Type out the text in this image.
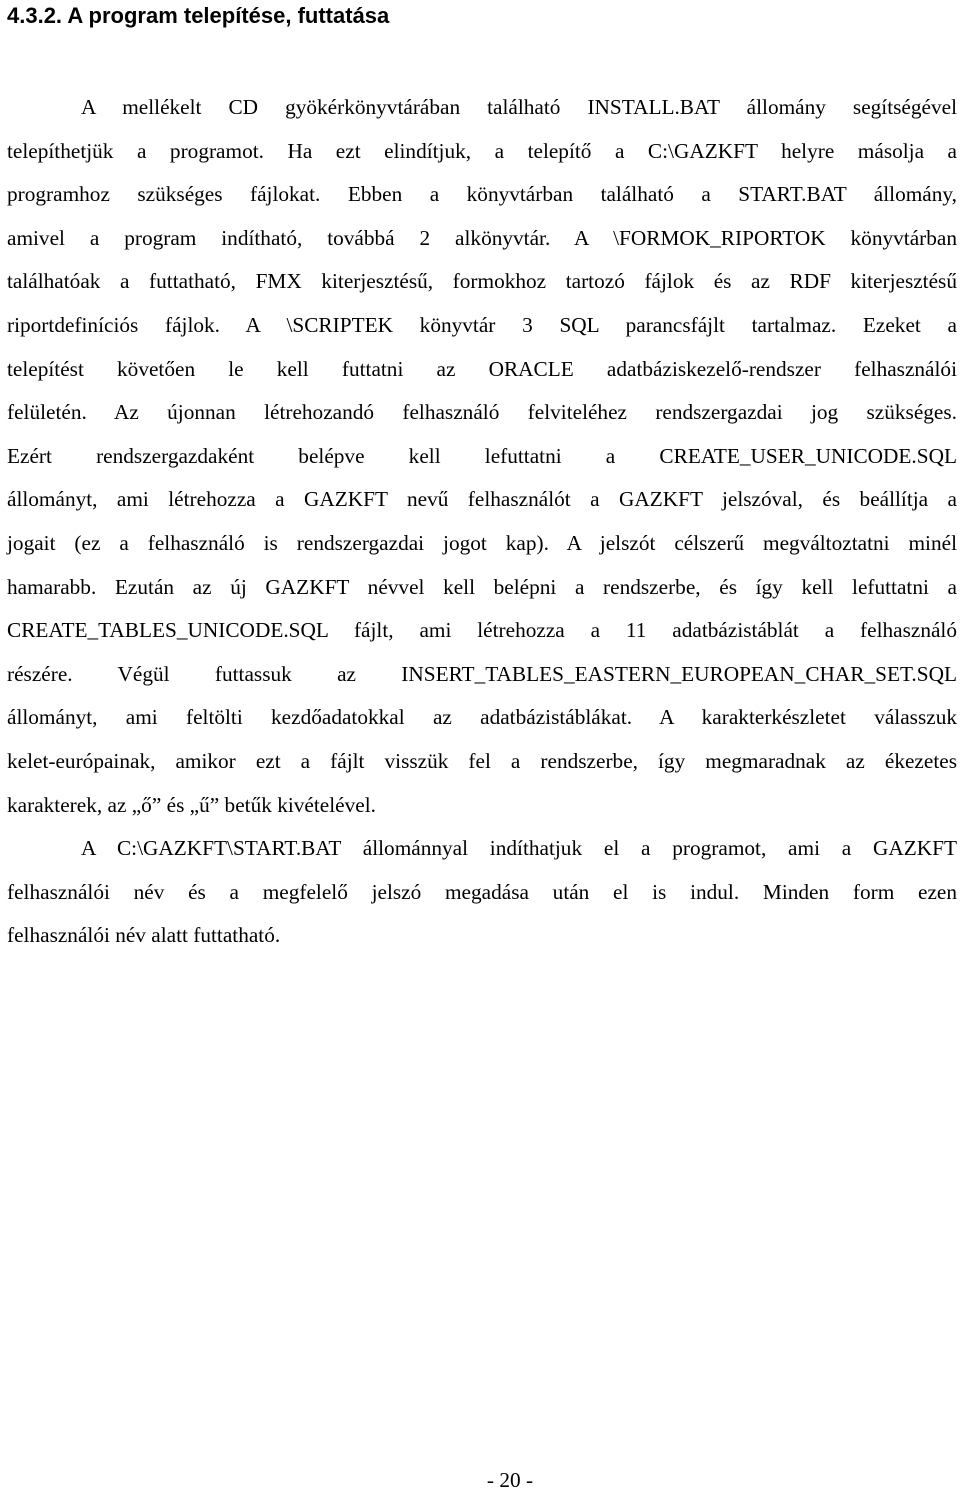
4.3.2. A program telepítése, futtatása
A mellékelt CD gyökérkönyvtárában található INSTALL.BAT állomány segítségével
telepíthetjük a programot. Ha ezt elindítjuk, a telepítő a C:\GAZKFT helyre másolja a
programhoz szükséges fájlokat. Ebben a könyvtárban található a START.BAT állomány,
amivel a program indítható, továbbá 2 alkönyvtár. A \FORMOK_RIPORTOK könyvtárban
találhatóak a futtatható, FMX kiterjesztésű, formokhoz tartozó fájlok és az RDF kiterjesztésű
riportdefiníciós fájlok. A \SCRIPTEK könyvtár 3 SQL parancsfájlt tartalmaz. Ezeket a
telepítést követően le kell futtatni az ORACLE adatbáziskezelő-rendszer felhasználói
felületén. Az újonnan létrehozandó felhasználó felviteléhez rendszergazdai jog szükséges.
Ezért rendszergazdaként belépve kell lefuttatni a CREATE_USER_UNICODE.SQL
állományt, ami létrehozza a GAZKFT nevű felhasználót a GAZKFT jelszóval, és beállítja a
jogait (ez a felhasználó is rendszergazdai jogot kap). A jelszót célszerű megváltoztatni minél
hamarabb. Ezután az új GAZKFT névvel kell belépni a rendszerbe, és így kell lefuttatni a
CREATE_TABLES_UNICODE.SQL fájlt, ami létrehozza a 11 adatbázistáblát a felhasználó
részére. Végül futtassuk az INSERT_TABLES_EASTERN_EUROPEAN_CHAR_SET.SQL
állományt, ami feltölti kezdőadatokkal az adatbázistáblákat. A karakterkészletet válasszuk
kelet-európainak, amikor ezt a fájlt visszük fel a rendszerbe, így megmaradnak az ékezetes
karakterek, az „ő” és „ű” betűk kivételével.
A C:\GAZKFT\START.BAT állománnyal indíthatjuk el a programot, ami a GAZKFT
felhasználói név és a megfelelő jelszó megadása után el is indul. Minden form ezen
felhasználói név alatt futtatható.
- 20 -
